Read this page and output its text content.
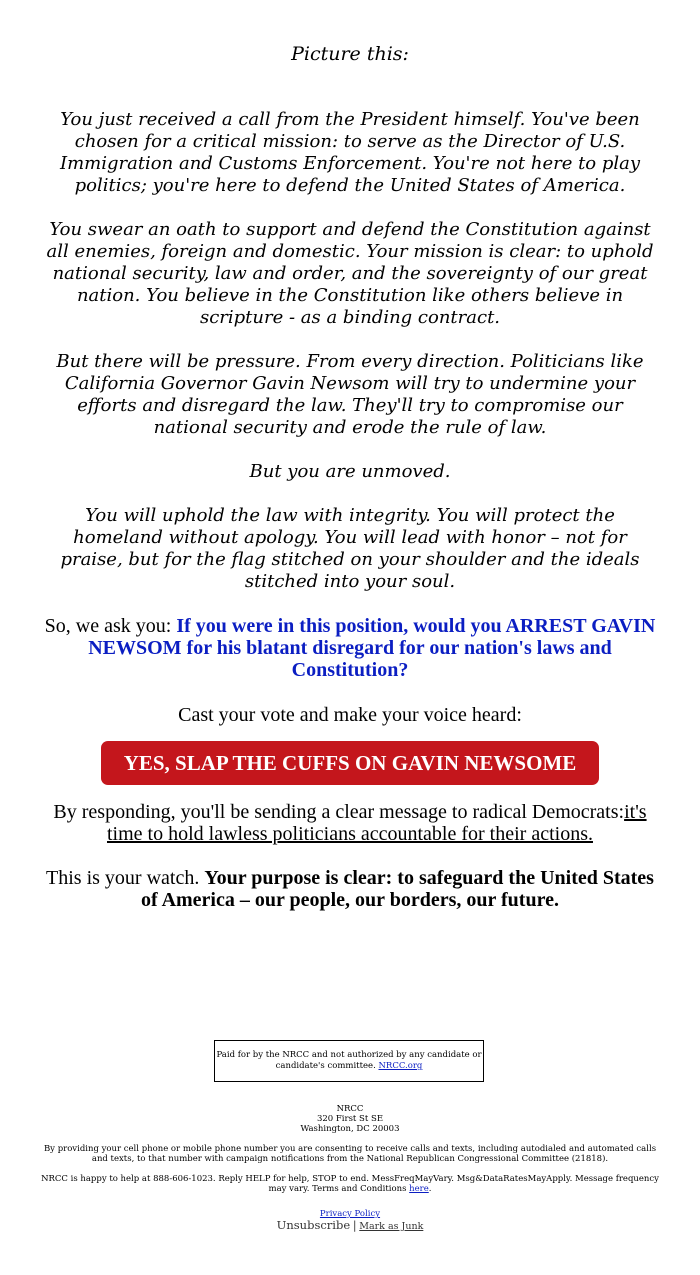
Picture this:

You just received a call from the President himself. You've been chosen for a critical mission: to serve as the Director of U.S. Immigration and Customs Enforcement. You're not here to play politics; you're here to defend the United States of America.

You swear an oath to support and defend the Constitution against all enemies, foreign and domestic. Your mission is clear: to uphold national security, law and order, and the sovereignty of our great nation. You believe in the Constitution like others believe in scripture - as a binding contract.

But there will be pressure. From every direction. Politicians like California Governor Gavin Newsom will try to undermine your efforts and disregard the law. They'll try to compromise our national security and erode the rule of law.

But you are unmoved.

You will uphold the law with integrity. You will protect the homeland without apology. You will lead with honor – not for praise, but for the flag stitched on your shoulder and the ideals stitched into your soul.

So, we ask you: If you were in this position, would you ARREST GAVIN NEWSOM for his blatant disregard for our nation's laws and Constitution?

Cast your vote and make your voice heard:

YES, SLAP THE CUFFS ON GAVIN NEWSOME

By responding, you'll be sending a clear message to radical Democrats:it's time to hold lawless politicians accountable for their actions.

This is your watch. Your purpose is clear: to safeguard the United States of America – our people, our borders, our future.

Paid for by the NRCC and not authorized by any candidate or candidate's committee. NRCC.org
NRCC
320 First St SE
Washington, DC 20003
By providing your cell phone or mobile phone number you are consenting to receive calls and texts, including autodialed and automated calls and texts, to that number with campaign notifications from the National Republican Congressional Committee (21818).
NRCC is happy to help at 888-606-1023. Reply HELP for help, STOP to end. MessFreqMayVary. Msg&DataRatesMayApply. Message frequency may vary. Terms and Conditions here.
Privacy Policy
Unsubscribe | Mark as Junk
